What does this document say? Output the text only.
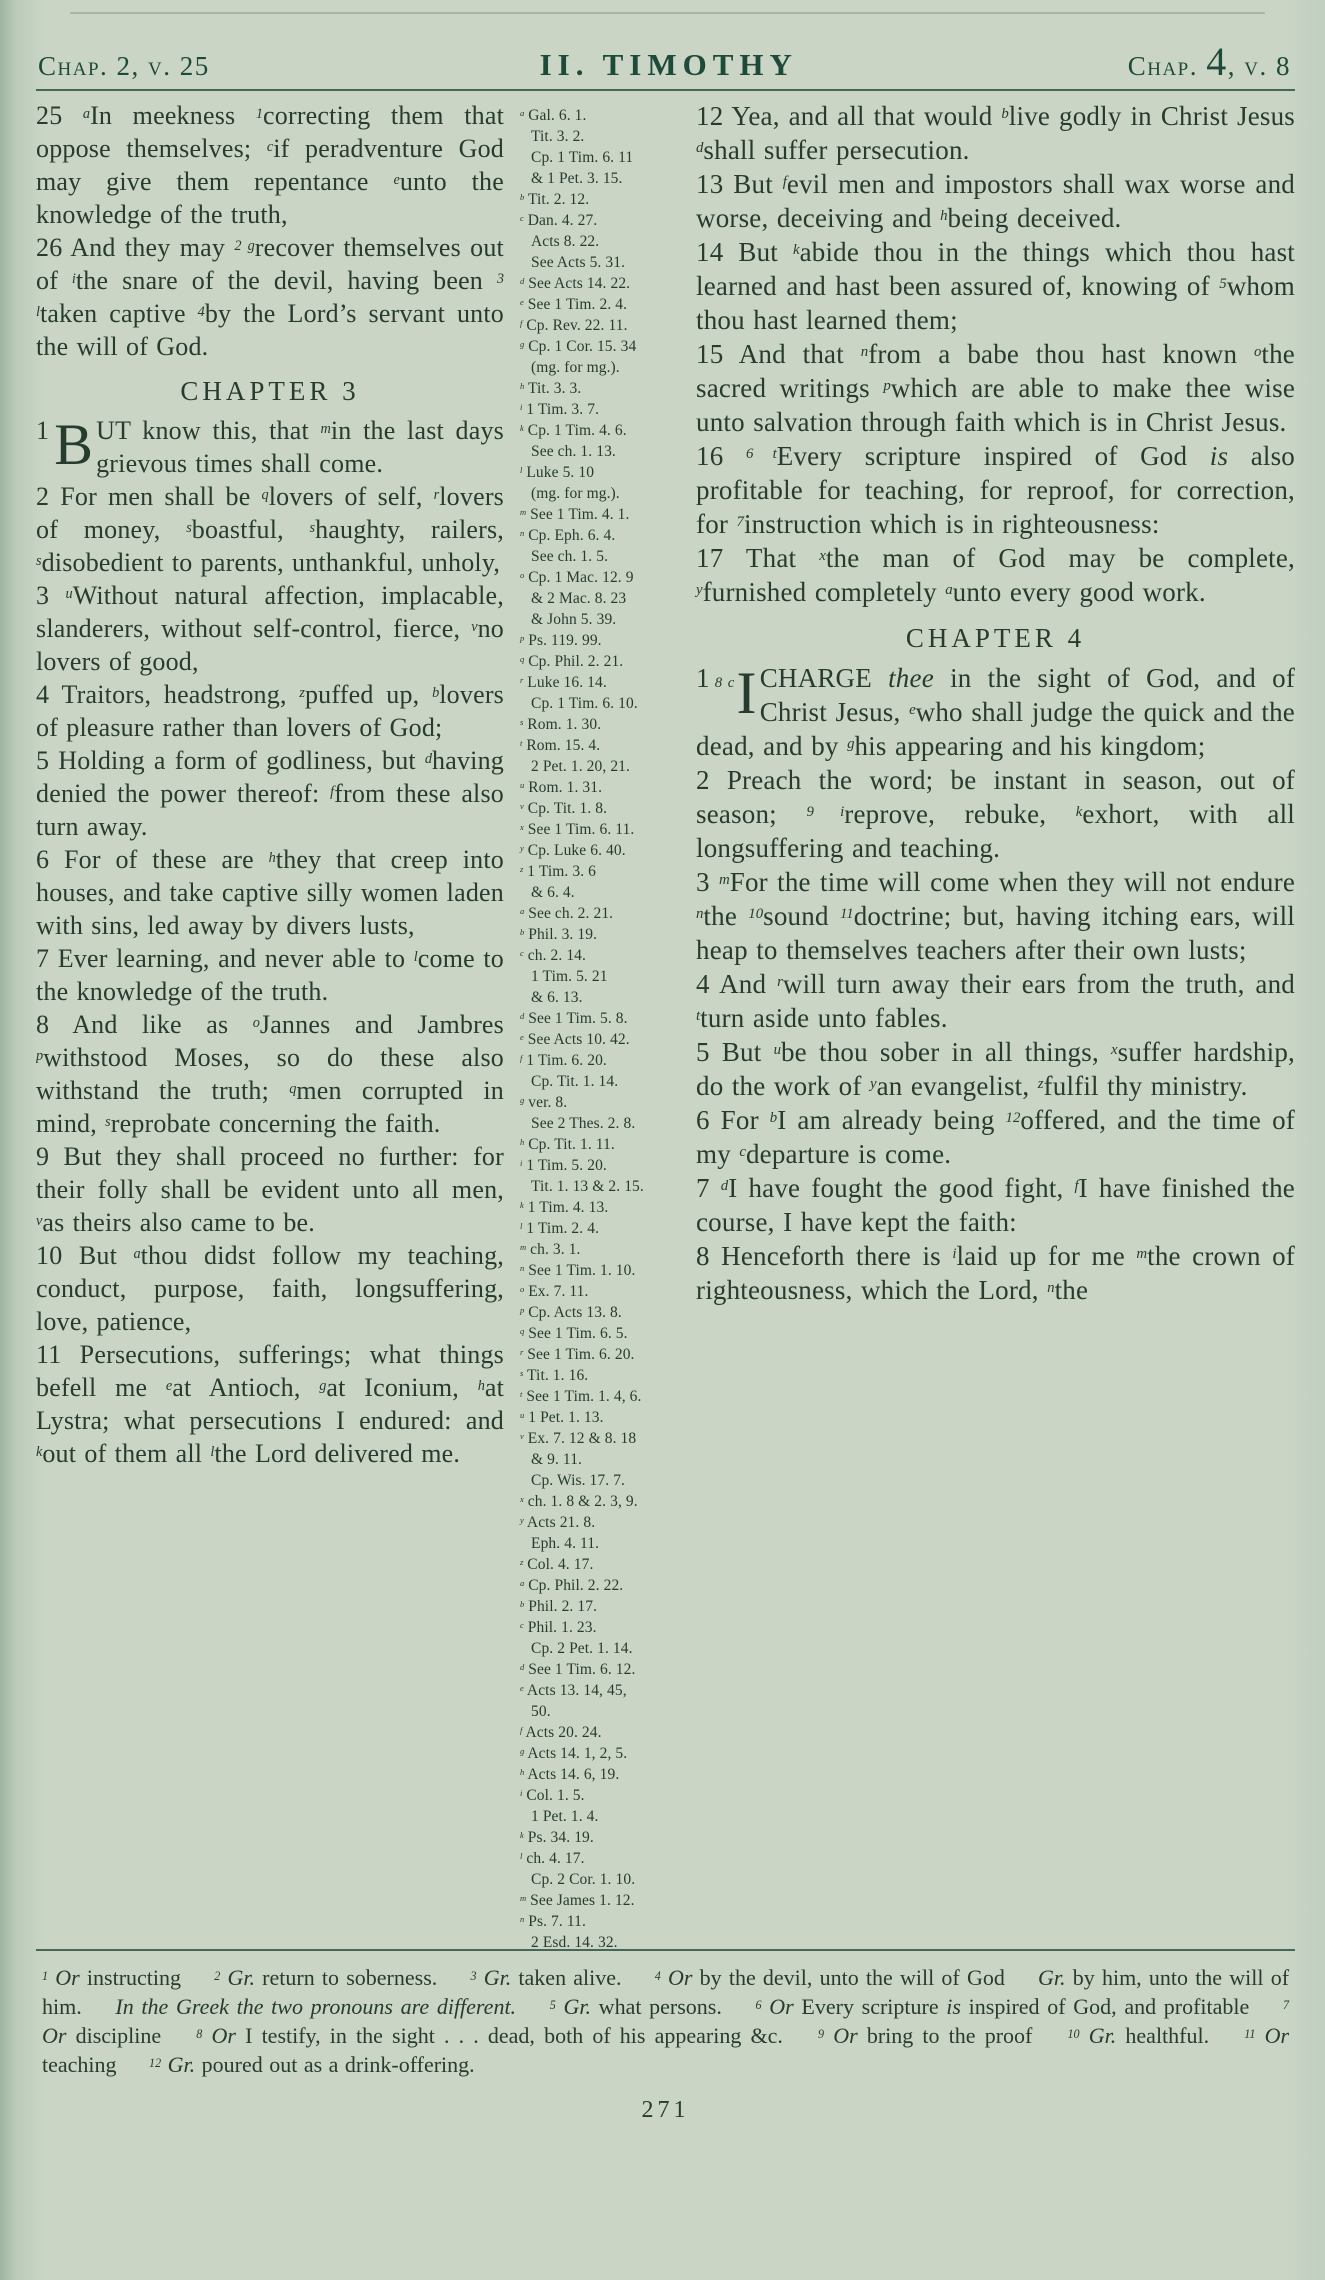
Chap. 2, v. 25	II. TIMOTHY	Chap. 4, v. 8

25 $^a$In meekness $^1$correcting them that oppose themselves; $^c$if peradventure God may give them repentance $^e$unto the knowledge of the truth,

26 And they may $^{2 g}$recover themselves out of $^i$the snare of the devil, having been $^{3 l}$taken captive $^4$by the Lord’s servant unto the will of God.

CHAPTER 3

1 B UT know this, that $^m$in the last days grievous times shall come.

2 For men shall be $^q$lovers of self, $^r$lovers of money, $^s$boastful, $^s$haughty, railers, $^s$disobedient to parents, unthankful, unholy,

3 $^u$Without natural affection, implacable, slanderers, without self-control, fierce, $^v$no lovers of good,

4 Traitors, headstrong, $^z$puffed up, $^b$lovers of pleasure rather than lovers of God;

5 Holding a form of godliness, but $^d$having denied the power thereof: $^f$from these also turn away.

6 For of these are $^h$they that creep into houses, and take captive silly women laden with sins, led away by divers lusts,

7 Ever learning, and never able to $^l$come to the knowledge of the truth.

8 And like as $^o$Jannes and Jambres $^p$withstood Moses, so do these also withstand the truth; $^q$men corrupted in mind, $^s$reprobate concerning the faith.

9 But they shall proceed no further: for their folly shall be evident unto all men, $^v$as theirs also came to be.

10 But $^a$thou didst follow my teaching, conduct, purpose, faith, longsuffering, love, patience,

11 Persecutions, sufferings; what things befell me $^e$at Antioch, $^g$at Iconium, $^h$at Lystra; what persecutions I endured: and $^k$out of them all $^l$the Lord delivered me.

$^a$ Gal. 6. 1.
Tit. 3. 2.
Cp. 1 Tim. 6. 11
& 1 Pet. 3. 15.
$^b$ Tit. 2. 12.
$^c$ Dan. 4. 27.
Acts 8. 22.
See Acts 5. 31.
$^d$ See Acts 14. 22.
$^e$ See 1 Tim. 2. 4.
$^f$ Cp. Rev. 22. 11.
$^g$ Cp. 1 Cor. 15. 34
(mg. for mg.).
$^h$ Tit. 3. 3.
$^i$ 1 Tim. 3. 7.
$^k$ Cp. 1 Tim. 4. 6.
See ch. 1. 13.
$^l$ Luke 5. 10
(mg. for mg.).
$^m$ See 1 Tim. 4. 1.
$^n$ Cp. Eph. 6. 4.
See ch. 1. 5.
$^o$ Cp. 1 Mac. 12. 9
& 2 Mac. 8. 23
& John 5. 39.
$^p$ Ps. 119. 99.
$^q$ Cp. Phil. 2. 21.
$^r$ Luke 16. 14.
Cp. 1 Tim. 6. 10.
$^s$ Rom. 1. 30.
$^t$ Rom. 15. 4.
2 Pet. 1. 20, 21.
$^u$ Rom. 1. 31.
$^v$ Cp. Tit. 1. 8.
$^x$ See 1 Tim. 6. 11.
$^y$ Cp. Luke 6. 40.
$^z$ 1 Tim. 3. 6
& 6. 4.
$^a$ See ch. 2. 21.
$^b$ Phil. 3. 19.
$^c$ ch. 2. 14.
1 Tim. 5. 21
& 6. 13.
$^d$ See 1 Tim. 5. 8.
$^e$ See Acts 10. 42.
$^f$ 1 Tim. 6. 20.
Cp. Tit. 1. 14.
$^g$ ver. 8.
See 2 Thes. 2. 8.
$^h$ Cp. Tit. 1. 11.
$^i$ 1 Tim. 5. 20.
Tit. 1. 13 & 2. 15.
$^k$ 1 Tim. 4. 13.
$^l$ 1 Tim. 2. 4.
$^m$ ch. 3. 1.
$^n$ See 1 Tim. 1. 10.
$^o$ Ex. 7. 11.
$^p$ Cp. Acts 13. 8.
$^q$ See 1 Tim. 6. 5.
$^r$ See 1 Tim. 6. 20.
$^s$ Tit. 1. 16.
$^t$ See 1 Tim. 1. 4, 6.
$^u$ 1 Pet. 1. 13.
$^v$ Ex. 7. 12 & 8. 18
& 9. 11.
Cp. Wis. 17. 7.
$^x$ ch. 1. 8 & 2. 3, 9.
$^y$ Acts 21. 8.
Eph. 4. 11.
$^z$ Col. 4. 17.
$^a$ Cp. Phil. 2. 22.
$^b$ Phil. 2. 17.
$^c$ Phil. 1. 23.
Cp. 2 Pet. 1. 14.
$^d$ See 1 Tim. 6. 12.
$^e$ Acts 13. 14, 45,
50.
$^f$ Acts 20. 24.
$^g$ Acts 14. 1, 2, 5.
$^h$ Acts 14. 6, 19.
$^i$ Col. 1. 5.
1 Pet. 1. 4.
$^k$ Ps. 34. 19.
$^l$ ch. 4. 17.
Cp. 2 Cor. 1. 10.
$^m$ See James 1. 12.
$^n$ Ps. 7. 11.
2 Esd. 14. 32.

12 Yea, and all that would $^b$live godly in Christ Jesus $^d$shall suffer persecution.

13 But $^f$evil men and impostors shall wax worse and worse, deceiving and $^h$being deceived.

14 But $^k$abide thou in the things which thou hast learned and hast been assured of, knowing of $^5$whom thou hast learned them;

15 And that $^n$from a babe thou hast known $^o$the sacred writings $^p$which are able to make thee wise unto salvation through faith which is in Christ Jesus.

16 $^{6 t}$Every scripture inspired of God is also profitable for teaching, for reproof, for correction, for $^7$instruction which is in righteousness:

17 That $^x$the man of God may be complete, $^y$furnished completely $^a$unto every good work.

CHAPTER 4

1 8 c I CHARGE thee in the sight of God, and of Christ Jesus, $^e$who shall judge the quick and the dead, and by $^g$his appearing and his kingdom;

2 Preach the word; be instant in season, out of season; $^{9 i}$reprove, rebuke, $^k$exhort, with all longsuffering and teaching.

3 $^m$For the time will come when they will not endure $^n$the $^{10}$sound $^{11}$doctrine; but, having itching ears, will heap to themselves teachers after their own lusts;

4 And $^r$will turn away their ears from the truth, and $^t$turn aside unto fables.

5 But $^u$be thou sober in all things, $^x$suffer hardship, do the work of $^y$an evangelist, $^z$fulfil thy ministry.

6 For $^b$I am already being $^{12}$offered, and the time of my $^c$departure is come.

7 $^d$I have fought the good fight, $^f$I have finished the course, I have kept the faith:

8 Henceforth there is $^i$laid up for me $^m$the crown of righteousness, which the Lord, $^n$the

$^1$ Or instructing	$^2$ Gr. return to soberness.	$^3$ Gr. taken alive.	$^4$ Or by the devil, unto the will of God Gr. by him, unto the will of him. In the Greek the two pronouns are different.	$^5$ Gr. what persons.	$^6$ Or Every scripture is inspired of God, and profitable	$^7$ Or discipline	$^8$ Or I testify, in the sight . . . dead, both of his appearing &c.	$^9$ Or bring to the proof	$^{10}$ Gr. healthful.	$^{11}$ Or teaching	$^{12}$ Gr. poured out as a drink-offering.
271
